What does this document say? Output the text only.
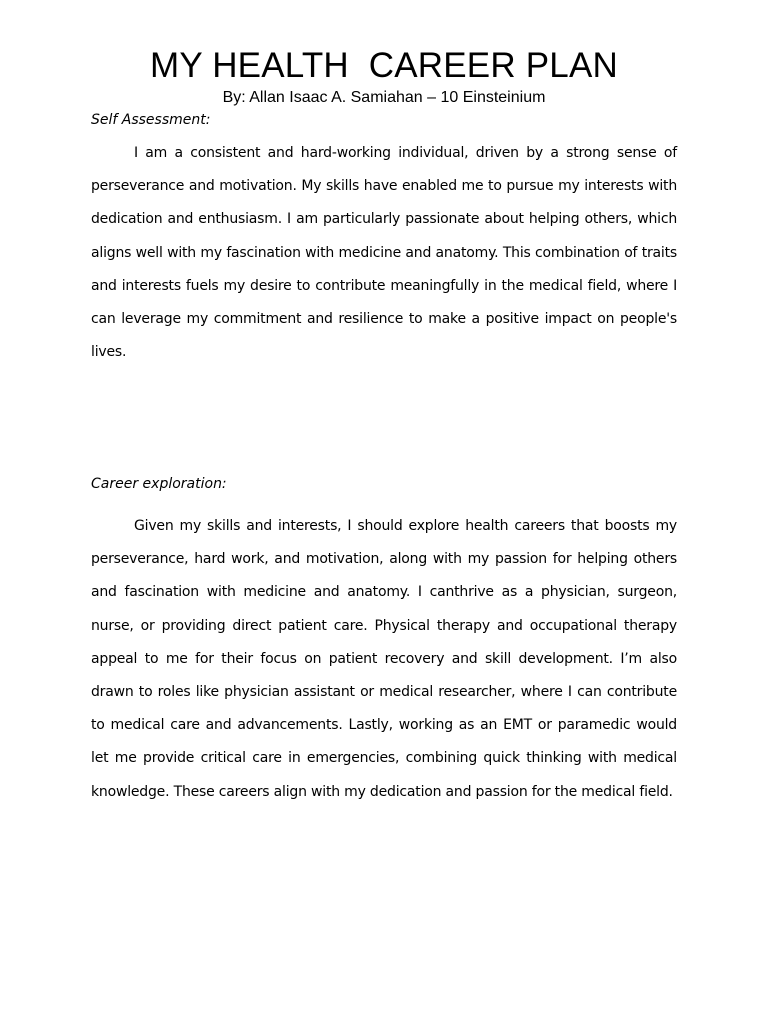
MY HEALTH  CAREER PLAN
By: Allan Isaac A. Samiahan – 10 Einsteinium
Self Assessment:

I am a consistent and hard-working individual, driven by a strong sense of perseverance and motivation. My skills have enabled me to pursue my interests with dedication and enthusiasm. I am particularly passionate about helping others, which aligns well with my fascination with medicine and anatomy. This combination of traits and interests fuels my desire to contribute meaningfully in the medical field, where I can leverage my commitment and resilience to make a positive impact on people's lives.

Career exploration:

Given my skills and interests, I should explore health careers that boosts my perseverance, hard work, and motivation, along with my passion for helping others and fascination with medicine and anatomy. I canthrive as a physician, surgeon, nurse, or providing direct patient care. Physical therapy and occupational therapy appeal to me for their focus on patient recovery and skill development. I’m also drawn to roles like physician assistant or medical researcher, where I can contribute to medical care and advancements. Lastly, working as an EMT or paramedic would let me provide critical care in emergencies, combining quick thinking with medical knowledge. These careers align with my dedication and passion for the medical field.
